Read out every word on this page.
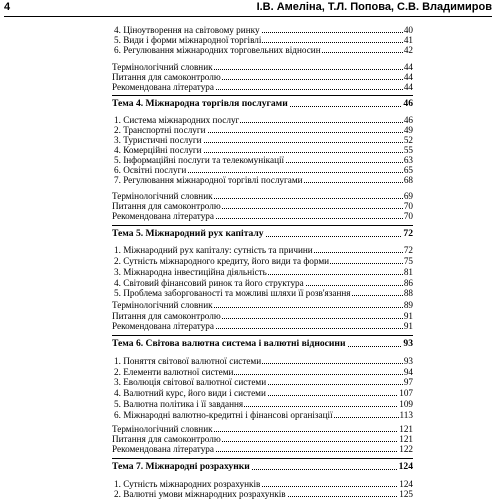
4	І.В. Амеліна, Т.Л. Попова, С.В. Владимиров
4. Ціноутворення на світовому ринку	40
5. Види і форми міжнародної торгівлі	41
6. Регулювання міжнародних торговельних відносин	42
Термінологічний словник	44
Питання для самоконтролю	44
Рекомендована література	44
Тема 4. Міжнародна торгівля послугами	46
1. Система міжнародних послуг	46
2. Транспортні послуги	49
3. Туристичні послуги	52
4. Комерційні послуги	55
5. Інформаційні послуги та телекомунікації	63
6. Освітні послуги	65
7. Регулювання міжнародної торгівлі послугами	68
Термінологічний словник	69
Питання для самоконтролю	70
Рекомендована література	70
Тема 5. Міжнародний рух капіталу	72
1. Міжнародний рух капіталу: сутність та причини	72
2. Сутність міжнародного кредиту, його види та форми	75
3. Міжнародна інвестиційна діяльність	81
4. Світовий фінансовий ринок та його структура	86
5. Проблема заборгованості та можливі шляхи її розв'язання	88
Термінологічний словник	89
Питання для самоконтролю	91
Рекомендована література	91
Тема 6. Світова валютна система і валютні відносини	93
1. Поняття світової валютної системи	93
2. Елементи валютної системи	94
3. Еволюція світової валютної системи	97
4. Валютний курс, його види і системи	107
5. Валютна політика і її завдання	109
6. Міжнародні валютно-кредитні і фінансові організації	113
Термінологічний словник	121
Питання для самоконтролю	121
Рекомендована література	122
Тема 7. Міжнародні розрахунки	124
1. Сутність міжнародних розрахунків	124
2. Валютні умови міжнародних розрахунків	125
